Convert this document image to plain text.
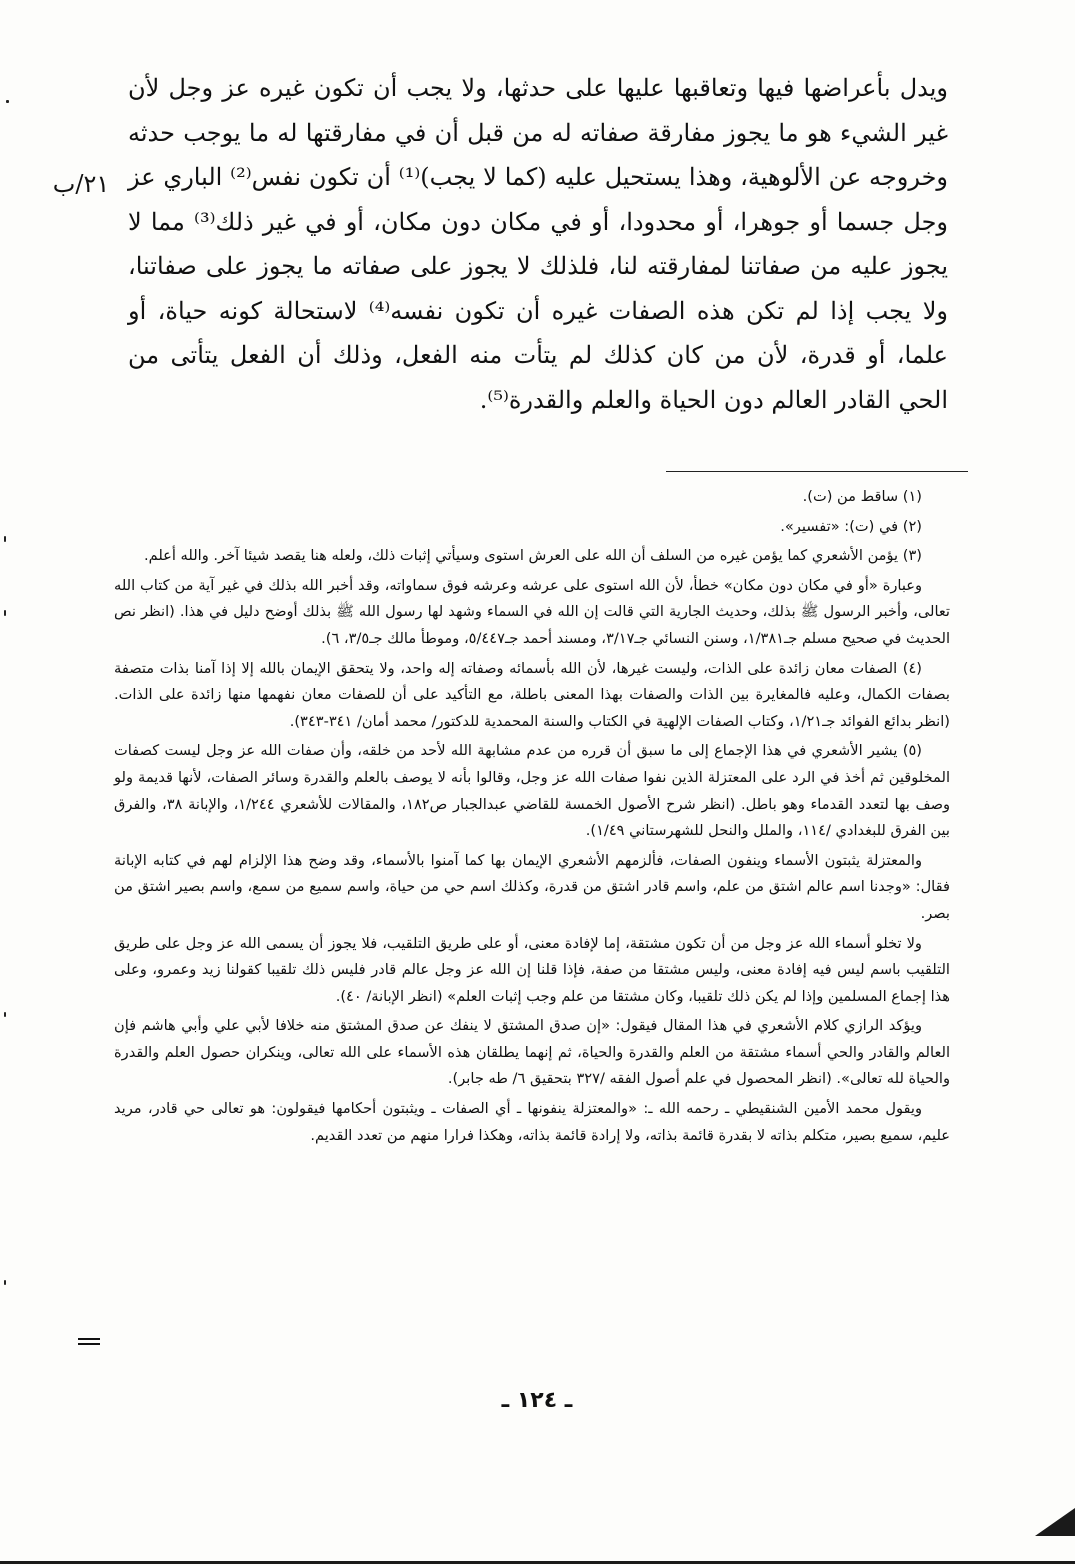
ويدل بأعراضها فيها وتعاقبها عليها على حدثها، ولا يجب أن تكون غيره عز وجل لأن غير الشيء هو ما يجوز مفارقة صفاته له من قبل أن في مفارقتها له ما يوجب حدثه وخروجه عن الألوهية، وهذا يستحيل عليه (كما لا يجب)⁽¹⁾ أن تكون نفس⁽²⁾ الباري عز وجل جسما أو جوهرا، أو محدودا، أو في مكان دون مكان، أو في غير ذلك⁽³⁾ مما لا يجوز عليه من صفاتنا لمفارقته لنا، فلذلك لا يجوز على صفاته ما يجوز على صفاتنا، ولا يجب إذا لم تكن هذه الصفات غيره أن تكون نفسه⁽⁴⁾ لاستحالة كونه حياة، أو علما، أو قدرة، لأن من كان كذلك لم يتأت منه الفعل، وذلك أن الفعل يتأتى من الحي القادر العالم دون الحياة والعلم والقدرة⁽⁵⁾.

٢١/ب

(١) ساقط من (ت).

(٢) في (ت): «تفسير».

(٣) يؤمن الأشعري كما يؤمن غيره من السلف أن الله على العرش استوى وسيأتي إثبات ذلك، ولعله هنا يقصد شيئا آخر. والله أعلم.

وعبارة «أو في مكان دون مكان» خطأ، لأن الله استوى على عرشه وعرشه فوق سماواته، وقد أخبر الله بذلك في غير آية من كتاب الله تعالى، وأخبر الرسول ﷺ بذلك، وحديث الجارية التي قالت إن الله في السماء وشهد لها رسول الله ﷺ بذلك أوضح دليل في هذا. (انظر نص الحديث في صحيح مسلم جـ١/٣٨١، وسنن النسائي جـ٣/١٧، ومسند أحمد جـ٥/٤٤٧، وموطأ مالك جـ٣/٥، ٦).

(٤) الصفات معان زائدة على الذات، وليست غيرها، لأن الله بأسمائه وصفاته إله واحد، ولا يتحقق الإيمان بالله إلا إذا آمنا بذات متصفة بصفات الكمال، وعليه فالمغايرة بين الذات والصفات بهذا المعنى باطلة، مع التأكيد على أن للصفات معان نفهمها منها زائدة على الذات. (انظر بدائع الفوائد جـ١/٢١، وكتاب الصفات الإلهية في الكتاب والسنة المحمدية للدكتور/ محمد أمان/ ٣٤١-٣٤٣).

(٥) يشير الأشعري في هذا الإجماع إلى ما سبق أن قرره من عدم مشابهة الله لأحد من خلقه، وأن صفات الله عز وجل ليست كصفات المخلوقين ثم أخذ في الرد على المعتزلة الذين نفوا صفات الله عز وجل، وقالوا بأنه لا يوصف بالعلم والقدرة وسائر الصفات، لأنها قديمة ولو وصف بها لتعدد القدماء وهو باطل. (انظر شرح الأصول الخمسة للقاضي عبدالجبار ص١٨٢، والمقالات للأشعري ١/٢٤٤، والإبانة ٣٨، والفرق بين الفرق للبغدادي /١١٤، والملل والنحل للشهرستاني ١/٤٩).

والمعتزلة يثبتون الأسماء وينفون الصفات، فألزمهم الأشعري الإيمان بها كما آمنوا بالأسماء، وقد وضح هذا الإلزام لهم في كتابه الإبانة فقال: «وجدنا اسم عالم اشتق من علم، واسم قادر اشتق من قدرة، وكذلك اسم حي من حياة، واسم سميع من سمع، واسم بصير اشتق من بصر.

ولا تخلو أسماء الله عز وجل من أن تكون مشتقة، إما لإفادة معنى، أو على طريق التلقيب، فلا يجوز أن يسمى الله عز وجل على طريق التلقيب باسم ليس فيه إفادة معنى، وليس مشتقا من صفة، فإذا قلنا إن الله عز وجل عالم قادر فليس ذلك تلقيبا كقولنا زيد وعمرو، وعلى هذا إجماع المسلمين وإذا لم يكن ذلك تلقيبا، وكان مشتقا من علم وجب إثبات العلم» (انظر الإبانة/ ٤٠).

ويؤكد الرازي كلام الأشعري في هذا المقال فيقول: «إن صدق المشتق لا ينفك عن صدق المشتق منه خلافا لأبي علي وأبي هاشم فإن العالم والقادر والحي أسماء مشتقة من العلم والقدرة والحياة، ثم إنهما يطلقان هذه الأسماء على الله تعالى، وينكران حصول العلم والقدرة والحياة لله تعالى». (انظر المحصول في علم أصول الفقه /٣٢٧ بتحقيق ٦/ طه جابر).

ويقول محمد الأمين الشنقيطي ـ رحمه الله ـ: «والمعتزلة ينفونها ـ أي الصفات ـ ويثبتون أحكامها فيقولون: هو تعالى حي قادر، مريد عليم، سميع بصير، متكلم بذاته لا بقدرة قائمة بذاته، ولا إرادة قائمة بذاته، وهكذا فرارا منهم من تعدد القديم.

ـ ١٢٤ ـ
